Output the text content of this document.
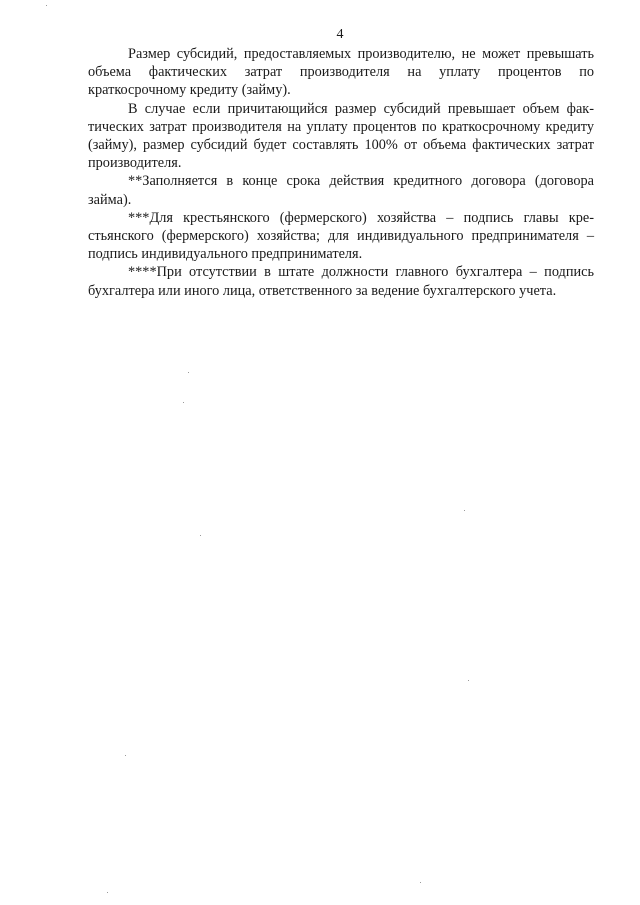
4

Размер субсидий, предоставляемых производителю, не может превышать объема фактических затрат производителя на уплату процентов по краткосрочному кредиту (займу).

В случае если причитающийся размер субсидий превышает объем фактических затрат производителя на уплату процентов по краткосрочному кредиту (займу), размер субсидий будет составлять 100% от объема фактических затрат производителя.

**Заполняется в конце срока действия кредитного договора (договора займа).

***Для крестьянского (фермерского) хозяйства – подпись главы крестьянского (фермерского) хозяйства; для индивидуального предпринимателя – подпись индивидуального предпринимателя.

****При отсутствии в штате должности главного бухгалтера – подпись бухгалтера или иного лица, ответственного за ведение бухгалтерского учета.
